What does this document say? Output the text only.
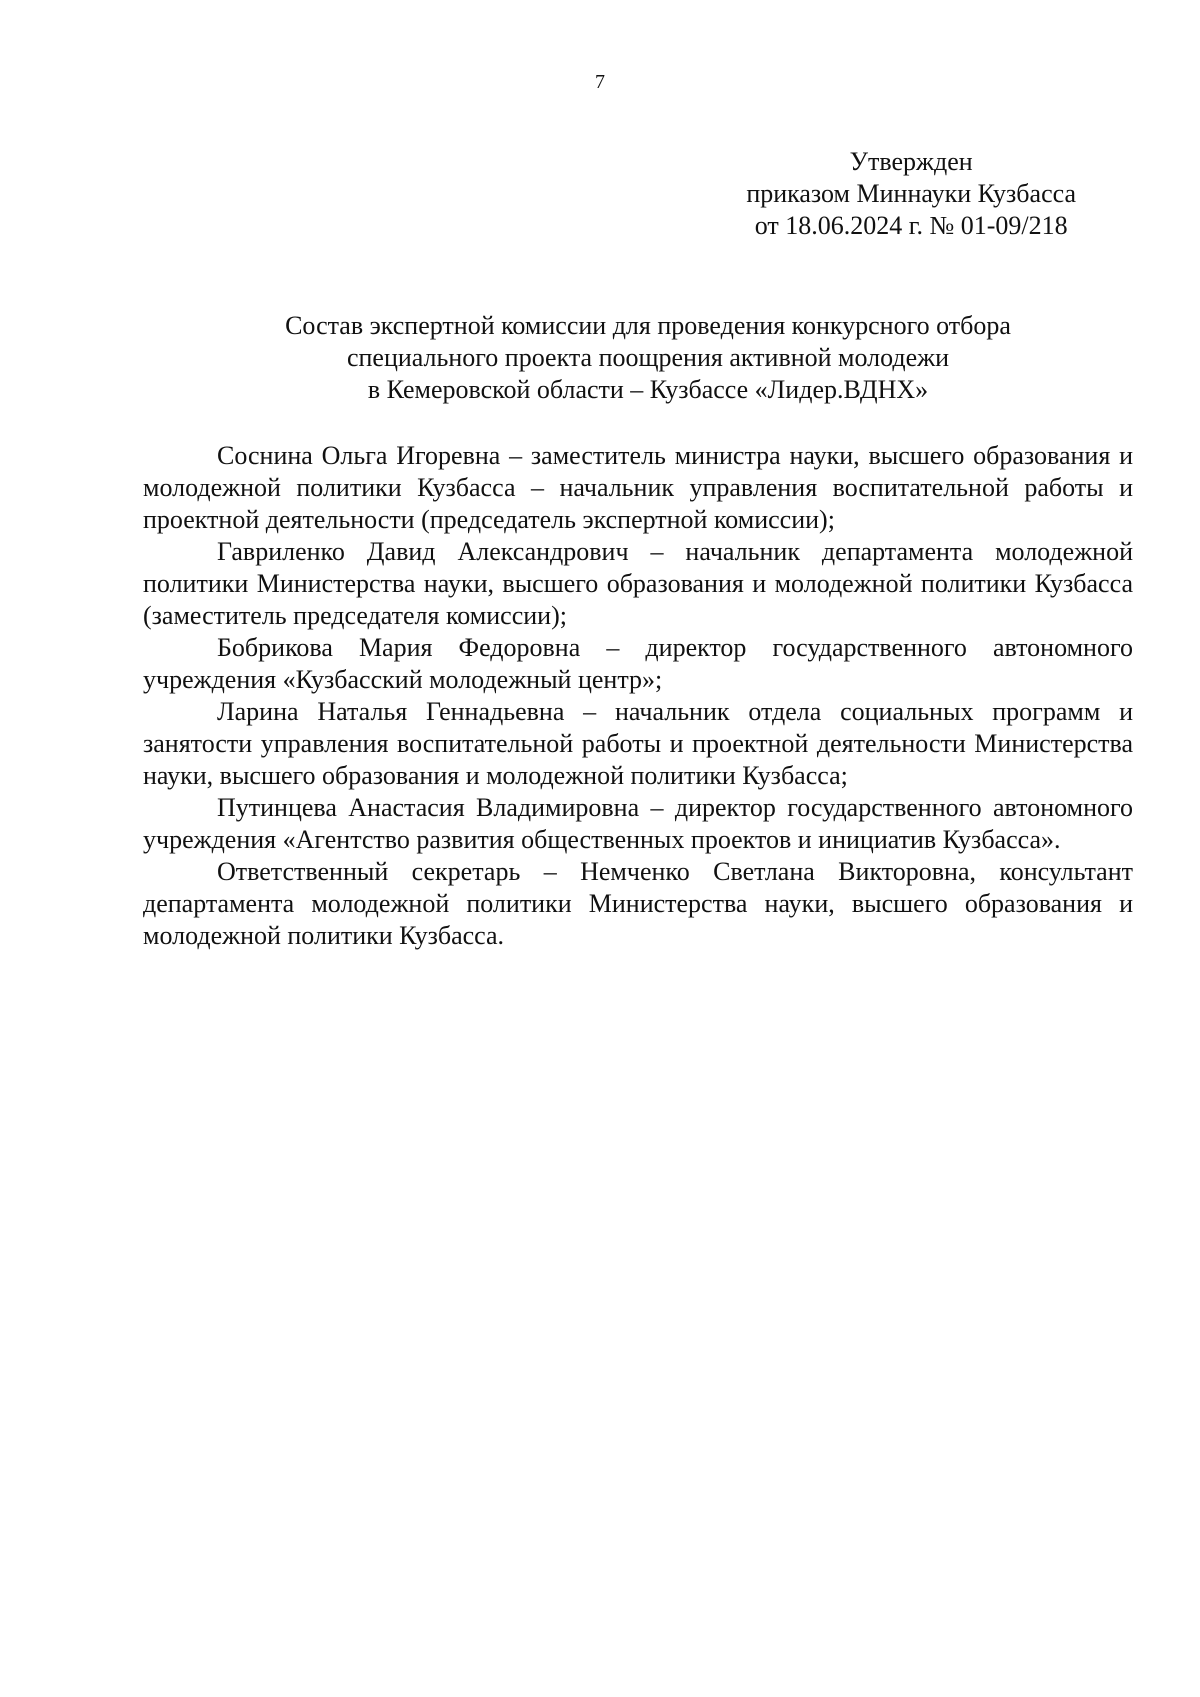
7
Утвержден
приказом Миннауки Кузбасса
от 18.06.2024 г. № 01-09/218
Состав экспертной комиссии для проведения конкурсного отбора
специального проекта поощрения активной молодежи
в Кемеровской области – Кузбассе «Лидер.ВДНХ»

Соснина Ольга Игоревна – заместитель министра науки, высшего образования и молодежной политики Кузбасса – начальник управления воспитательной работы и проектной деятельности (председатель экспертной комиссии);

Гавриленко Давид Александрович – начальник департамента молодежной политики Министерства науки, высшего образования и молодежной политики Кузбасса (заместитель председателя комиссии);

Бобрикова Мария Федоровна – директор государственного автономного учреждения «Кузбасский молодежный центр»;

Ларина Наталья Геннадьевна – начальник отдела социальных программ и занятости управления воспитательной работы и проектной деятельности Министерства науки, высшего образования и молодежной политики Кузбасса;

Путинцева Анастасия Владимировна – директор государственного автономного учреждения «Агентство развития общественных проектов и инициатив Кузбасса».

Ответственный секретарь – Немченко Светлана Викторовна, консультант департамента молодежной политики Министерства науки, высшего образования и молодежной политики Кузбасса.
